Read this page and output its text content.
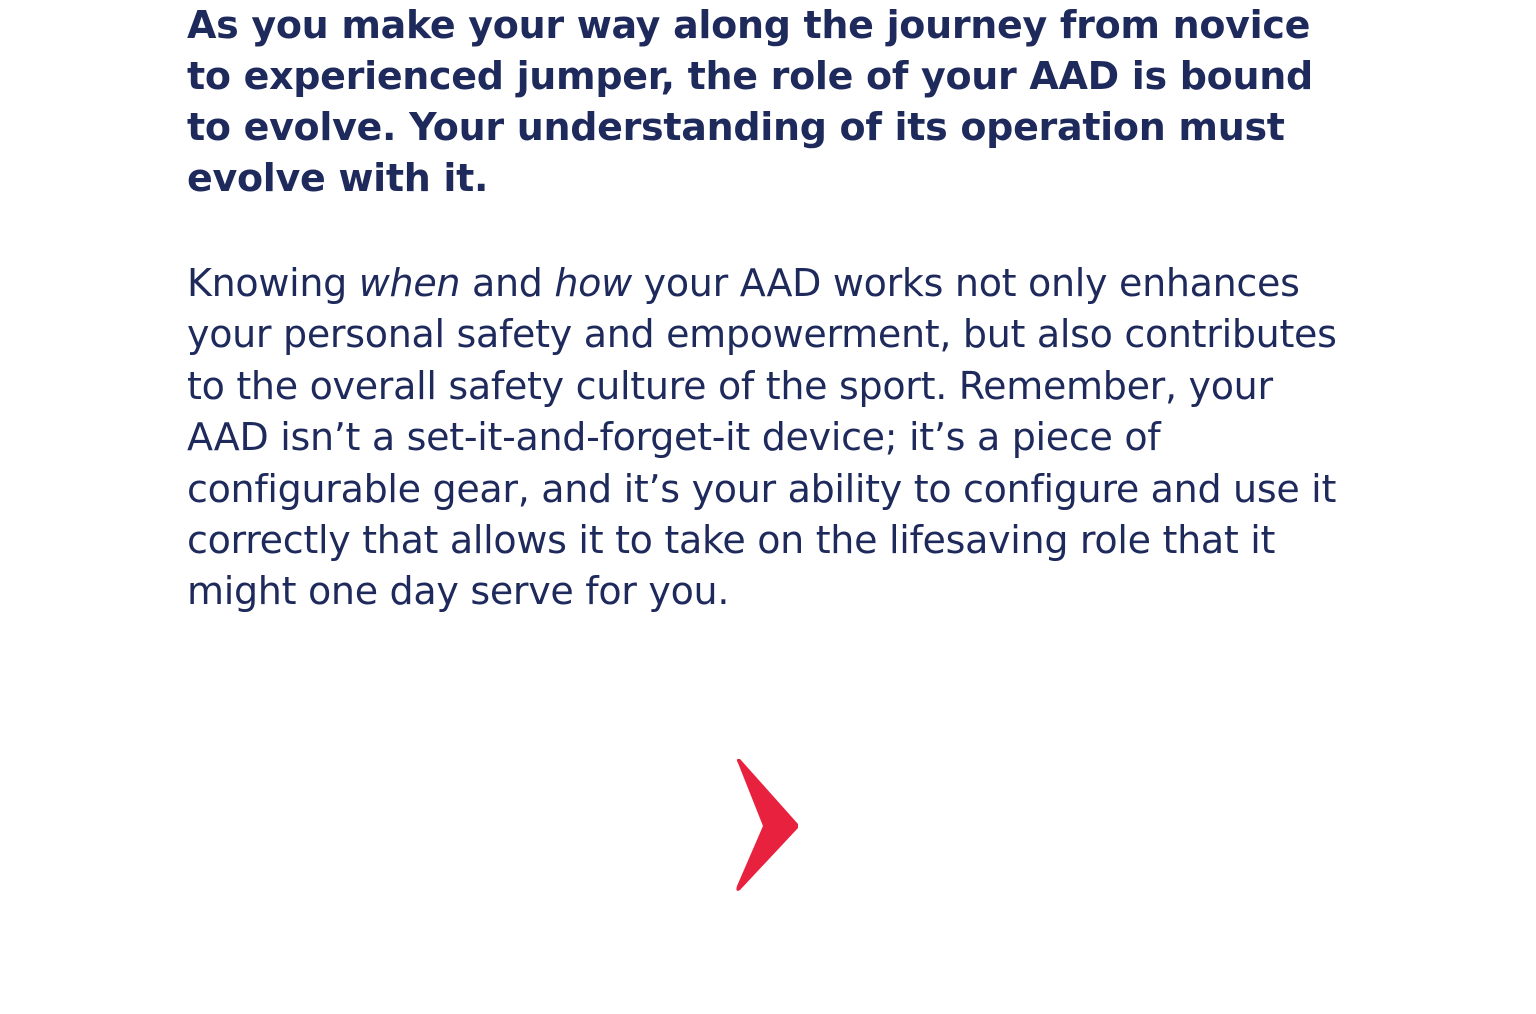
As you make your way along the journey from novice to experienced jumper, the role of your AAD is bound to evolve. Your understanding of its operation must evolve with it.

Knowing when and how your AAD works not only enhances your personal safety and empowerment, but also contributes to the overall safety culture of the sport. Remember, your AAD isn’t a set-it-and-forget-it device; it’s a piece of configurable gear, and it’s your ability to configure and use it correctly that allows it to take on the lifesaving role that it might one day serve for you.
